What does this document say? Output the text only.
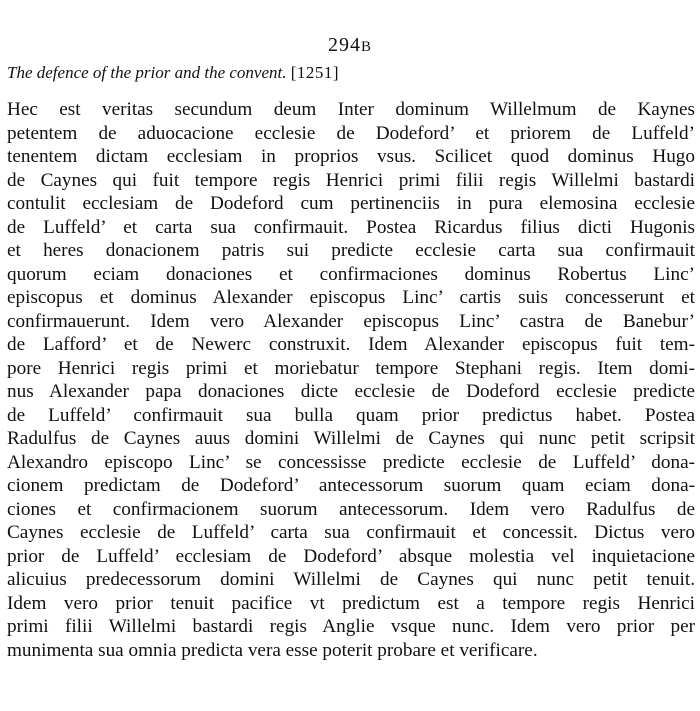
294B
The defence of the prior and the convent. [1251]
Hec est veritas secundum deum Inter dominum Willelmum de Kaynes
petentem de aduocacione ecclesie de Dodeford’ et priorem de Luffeld’
tenentem dictam ecclesiam in proprios vsus. Scilicet quod dominus Hugo
de Caynes qui fuit tempore regis Henrici primi filii regis Willelmi bastardi
contulit ecclesiam de Dodeford cum pertinenciis in pura elemosina ecclesie
de Luffeld’ et carta sua confirmauit. Postea Ricardus filius dicti Hugonis
et heres donacionem patris sui predicte ecclesie carta sua confirmauit
quorum eciam donaciones et confirmaciones dominus Robertus Linc’
episcopus et dominus Alexander episcopus Linc’ cartis suis concesserunt et
confirmauerunt. Idem vero Alexander episcopus Linc’ castra de Banebur’
de Lafford’ et de Newerc construxit. Idem Alexander episcopus fuit tem-
pore Henrici regis primi et moriebatur tempore Stephani regis. Item domi-
nus Alexander papa donaciones dicte ecclesie de Dodeford ecclesie predicte
de Luffeld’ confirmauit sua bulla quam prior predictus habet. Postea
Radulfus de Caynes auus domini Willelmi de Caynes qui nunc petit scripsit
Alexandro episcopo Linc’ se concessisse predicte ecclesie de Luffeld’ dona-
cionem predictam de Dodeford’ antecessorum suorum quam eciam dona-
ciones et confirmacionem suorum antecessorum. Idem vero Radulfus de
Caynes ecclesie de Luffeld’ carta sua confirmauit et concessit. Dictus vero
prior de Luffeld’ ecclesiam de Dodeford’ absque molestia vel inquietacione
alicuius predecessorum domini Willelmi de Caynes qui nunc petit tenuit.
Idem vero prior tenuit pacifice vt predictum est a tempore regis Henrici
primi filii Willelmi bastardi regis Anglie vsque nunc. Idem vero prior per
munimenta sua omnia predicta vera esse poterit probare et verificare.
